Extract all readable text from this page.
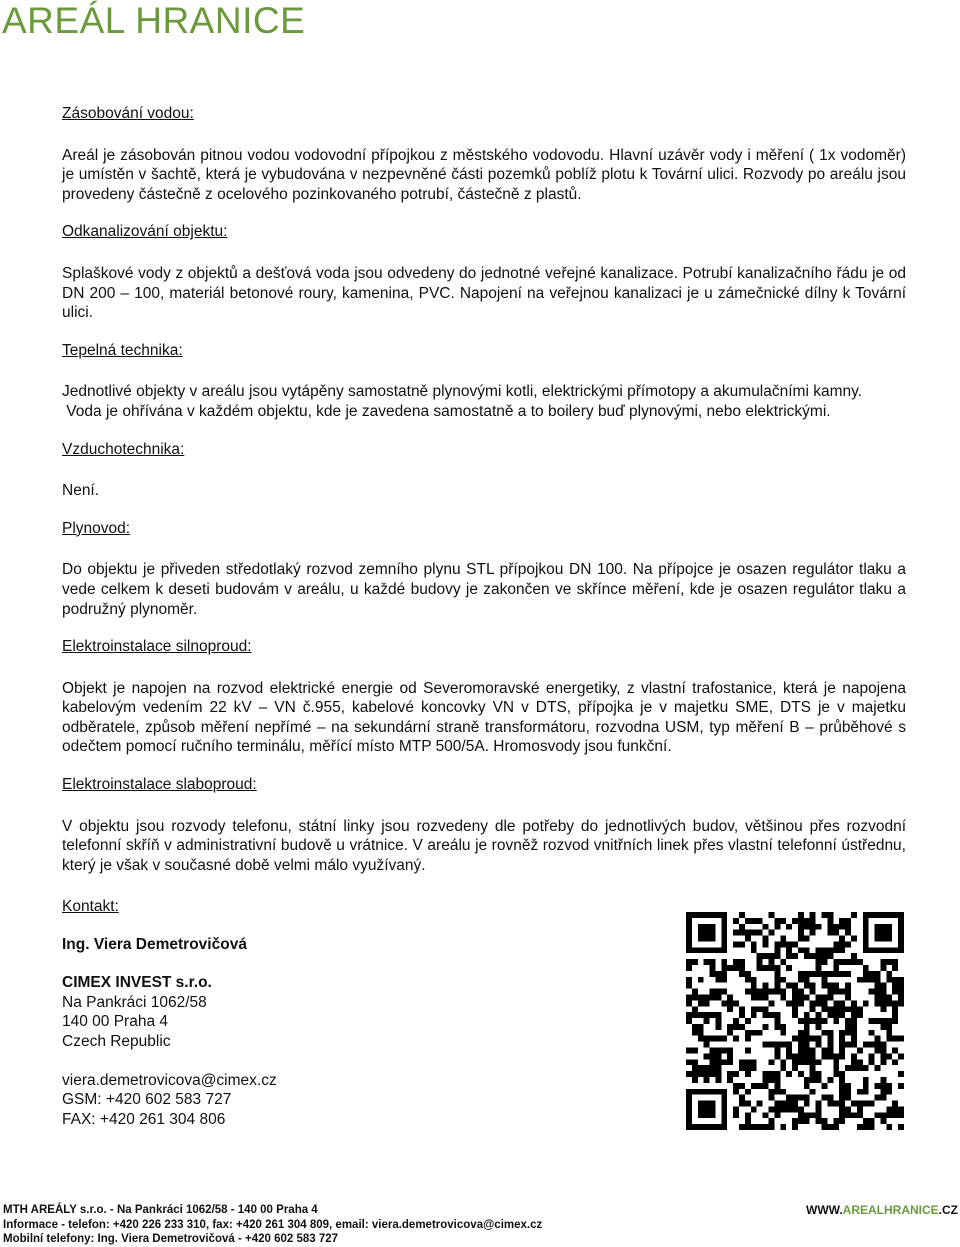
AREÁL HRANICE
Zásobování vodou:

Areál je zásobován pitnou vodou vodovodní přípojkou z městského vodovodu. Hlavní uzávěr vody i měření ( 1x vodoměr) je umístěn v šachtě, která je vybudována v nezpevněné části pozemků poblíž plotu k Tovární ulici. Rozvody po areálu jsou provedeny částečně z ocelového pozinkovaného potrubí, částečně z plastů.

Odkanalizování objektu:

Splaškové vody z objektů a dešťová voda jsou odvedeny do jednotné veřejné kanalizace. Potrubí kanalizačního řádu je od DN 200 – 100, materiál betonové roury, kamenina, PVC. Napojení na veřejnou kanalizaci je u zámečnické dílny k Tovární ulici.

Tepelná technika:

Jednotlivé objekty v areálu jsou vytápěny samostatně plynovými kotli, elektrickými přímotopy a akumulačními kamny.

Voda je ohřívána v každém objektu, kde je zavedena samostatně a to boilery buď plynovými, nebo elektrickými.

Vzduchotechnika:

Není.

Plynovod:

Do objektu je přiveden středotlaký rozvod zemního plynu STL přípojkou DN 100. Na přípojce je osazen regulátor tlaku a vede celkem k deseti budovám v areálu, u každé budovy je zakončen ve skřínce měření, kde je osazen regulátor tlaku a podružný plynoměr.

Elektroinstalace silnoproud:

Objekt je napojen na rozvod elektrické energie od Severomoravské energetiky, z vlastní trafostanice, která je napojena kabelovým vedením 22 kV – VN č.955, kabelové koncovky VN v DTS, přípojka je v majetku SME, DTS je v majetku odběratele, způsob měření nepřímé – na sekundární straně transformátoru, rozvodna USM, typ měření B – průběhové s odečtem pomocí ručního terminálu, měřící místo MTP 500/5A. Hromosvody jsou funkční.

Elektroinstalace slaboproud:

V objektu jsou rozvody telefonu, státní linky jsou rozvedeny dle potřeby do jednotlivých budov, většinou přes rozvodní telefonní skříň v administrativní budově u vrátnice. V areálu je rovněž rozvod vnitřních linek přes vlastní telefonní ústřednu, který je však v současné době velmi málo využívaný.

Kontakt:
Ing. Viera Demetrovičová
CIMEX INVEST s.r.o.
Na Pankráci 1062/58
140 00 Praha 4
Czech Republic
viera.demetrovicova@cimex.cz
GSM: +420 602 583 727
FAX: +420 261 304 806
MTH AREÁLY s.r.o. - Na Pankráci 1062/58 - 140 00 Praha 4
Informace - telefon: +420 226 233 310, fax: +420 261 304 809, email: viera.demetrovicova@cimex.cz
Mobilní telefony: Ing. Viera Demetrovičová - +420 602 583 727
WWW.AREALHRANICE.CZ
